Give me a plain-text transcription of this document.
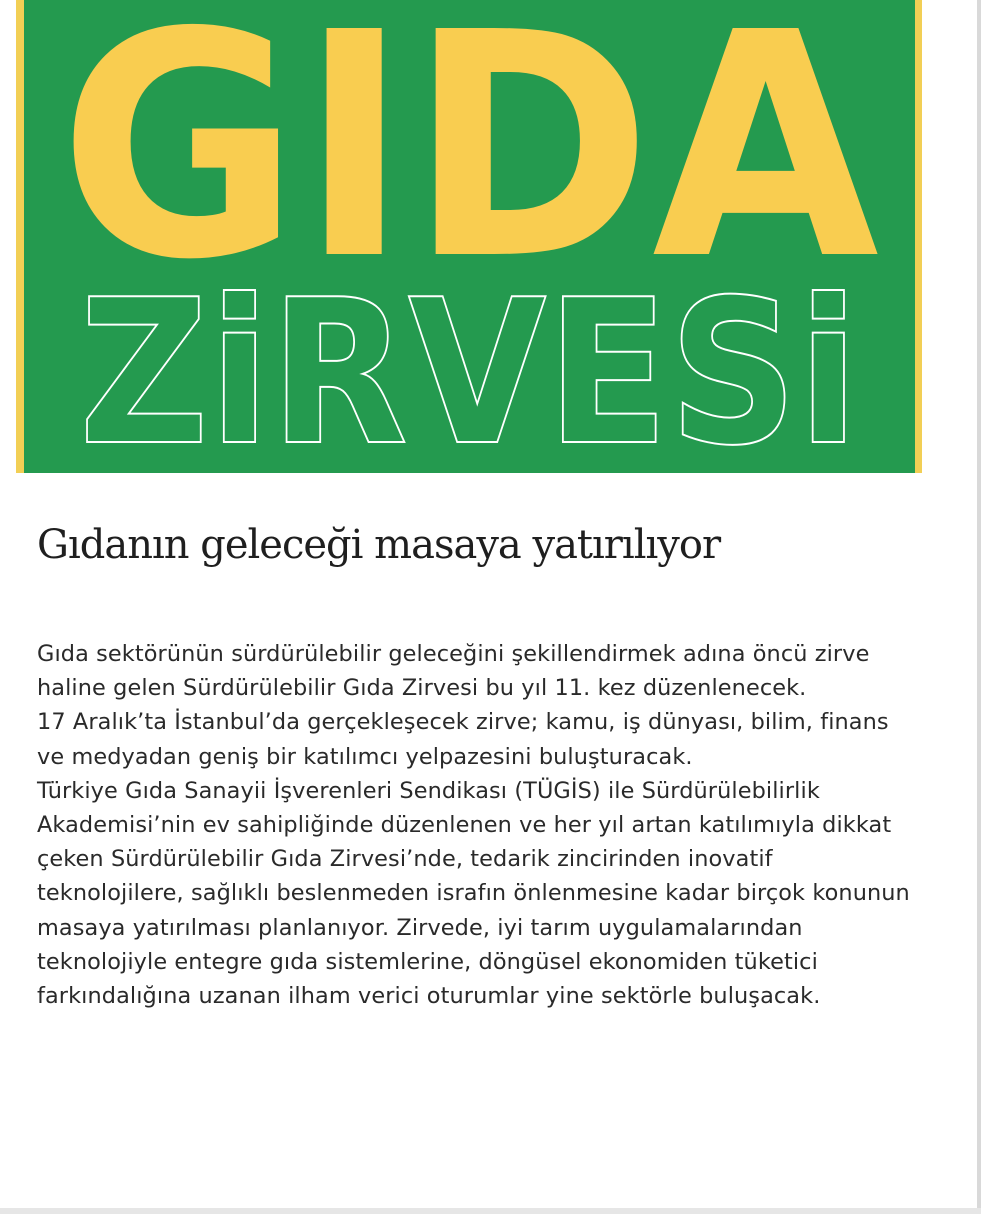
GIDA
ZiRVESi
Gıdanın geleceği masaya yatırılıyor

Gıda sektörünün sürdürülebilir geleceğini şekillendirmek adına öncü zirve haline gelen Sürdürülebilir Gıda Zirvesi bu yıl 11. kez düzenlenecek.

17 Aralık’ta İstanbul’da gerçekleşecek zirve; kamu, iş dünyası, bilim, finans ve medyadan geniş bir katılımcı yelpazesini buluşturacak.

Türkiye Gıda Sanayii İşverenleri Sendikası (TÜGİS) ile Sürdürülebilirlik Akademisi’nin ev sahipliğinde düzenlenen ve her yıl artan katılımıyla dikkat çeken Sürdürülebilir Gıda Zirvesi’nde, tedarik zincirinden inovatif teknolojilere, sağlıklı beslenmeden israfın önlenmesine kadar birçok konunun masaya yatırılması planlanıyor. Zirvede, iyi tarım uygulamalarından teknolojiyle entegre gıda sistemlerine, döngüsel ekonomiden tüketici farkındalığına uzanan ilham verici oturumlar yine sektörle buluşacak.
